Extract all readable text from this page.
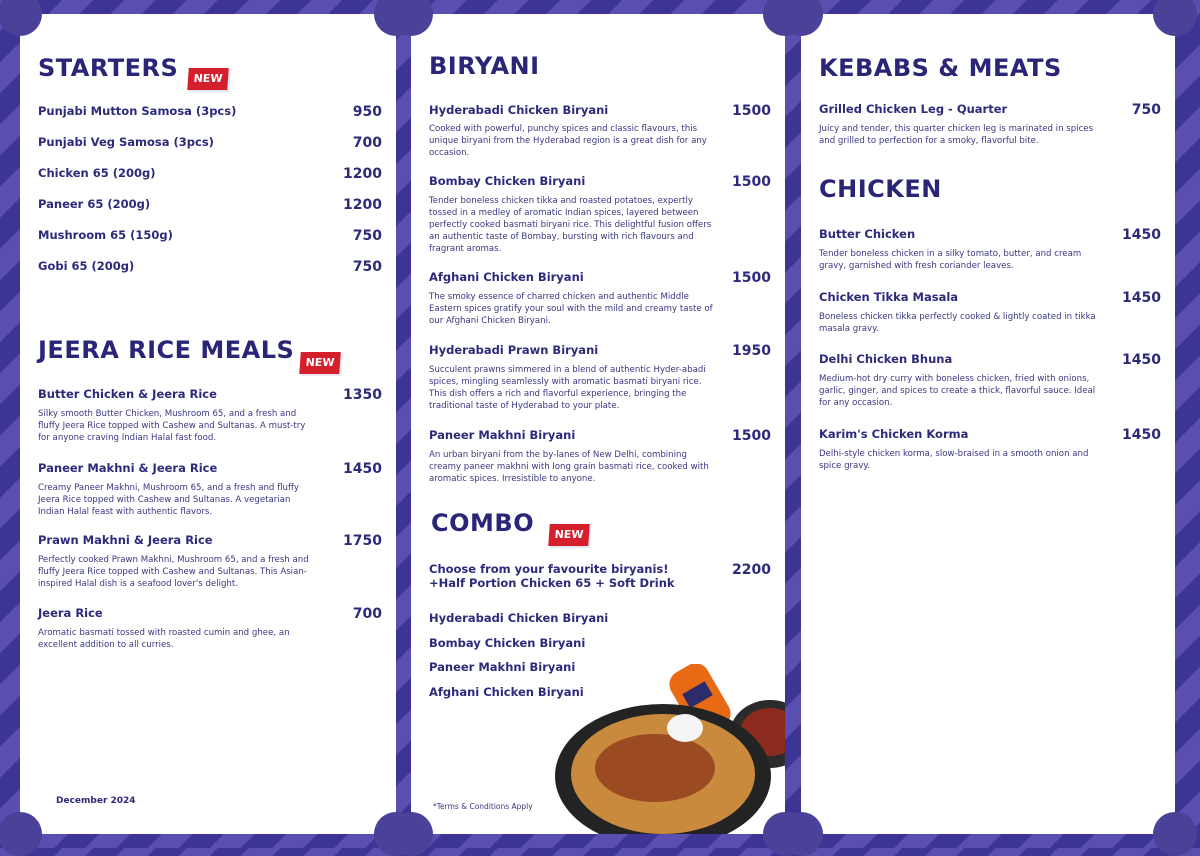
STARTERS	NEW
Punjabi Mutton Samosa (3pcs)	950
Punjabi Veg Samosa (3pcs)	700
Chicken 65 (200g)	1200
Paneer 65 (200g)	1200
Mushroom 65 (150g)	750
Gobi 65 (200g)	750
JEERA RICE MEALS NEW
Butter Chicken & Jeera Rice	1350
Silky smooth Butter Chicken, Mushroom 65, and a fresh and fluffy Jeera Rice topped with Cashew and Sultanas. A must-try for anyone craving Indian Halal fast food.
Paneer Makhni & Jeera Rice	1450
Creamy Paneer Makhni, Mushroom 65, and a fresh and fluffy Jeera Rice topped with Cashew and Sultanas. A vegetarian Indian Halal feast with authentic flavors.
Prawn Makhni & Jeera Rice	1750
Perfectly cooked Prawn Makhni, Mushroom 65, and a fresh and fluffy Jeera Rice topped with Cashew and Sultanas. This Asian-inspired Halal dish is a seafood lover's delight.
Jeera Rice	700
Aromatic basmati tossed with roasted cumin and ghee, an excellent addition to all curries.
December 2024
BIRYANI
Hyderabadi Chicken Biryani	1500
Cooked with powerful, punchy spices and classic flavours, this unique biryani from the Hyderabad region is a great dish for any occasion.
Bombay Chicken Biryani	1500
Tender boneless chicken tikka and roasted potatoes, expertly tossed in a medley of aromatic Indian spices, layered between perfectly cooked basmati biryani rice. This delightful fusion offers an authentic taste of Bombay, bursting with rich flavours and fragrant aromas.
Afghani Chicken Biryani	1500
The smoky essence of charred chicken and authentic Middle Eastern spices gratify your soul with the mild and creamy taste of our Afghani Chicken Biryani.
Hyderabadi Prawn Biryani	1950
Succulent prawns simmered in a blend of authentic Hyder-abadi spices, mingling seamlessly with aromatic basmati biryani rice. This dish offers a rich and flavorful experience, bringing the traditional taste of Hyderabad to your plate.
Paneer Makhni Biryani	1500
An urban biryani from the by-lanes of New Delhi, combining creamy paneer makhni with long grain basmati rice, cooked with aromatic spices. Irresistible to anyone.
COMBO	NEW
Choose from your favourite biryanis!
+Half Portion Chicken 65 + Soft Drink
2200
Hyderabadi Chicken Biryani
Bombay Chicken Biryani
Paneer Makhni Biryani
Afghani Chicken Biryani
*Terms & Conditions Apply
KEBABS & MEATS
Grilled Chicken Leg - Quarter	750
Juicy and tender, this quarter chicken leg is marinated in spices and grilled to perfection for a smoky, flavorful bite.
CHICKEN
Butter Chicken	1450
Tender boneless chicken in a silky tomato, butter, and cream gravy, garnished with fresh coriander leaves.
Chicken Tikka Masala	1450
Boneless chicken tikka perfectly cooked & lightly coated in tikka masala gravy.
Delhi Chicken Bhuna	1450
Medium-hot dry curry with boneless chicken, fried with onions, garlic, ginger, and spices to create a thick, flavorful sauce. Ideal for any occasion.
Karim's Chicken Korma	1450
Delhi-style chicken korma, slow-braised in a smooth onion and spice gravy.
